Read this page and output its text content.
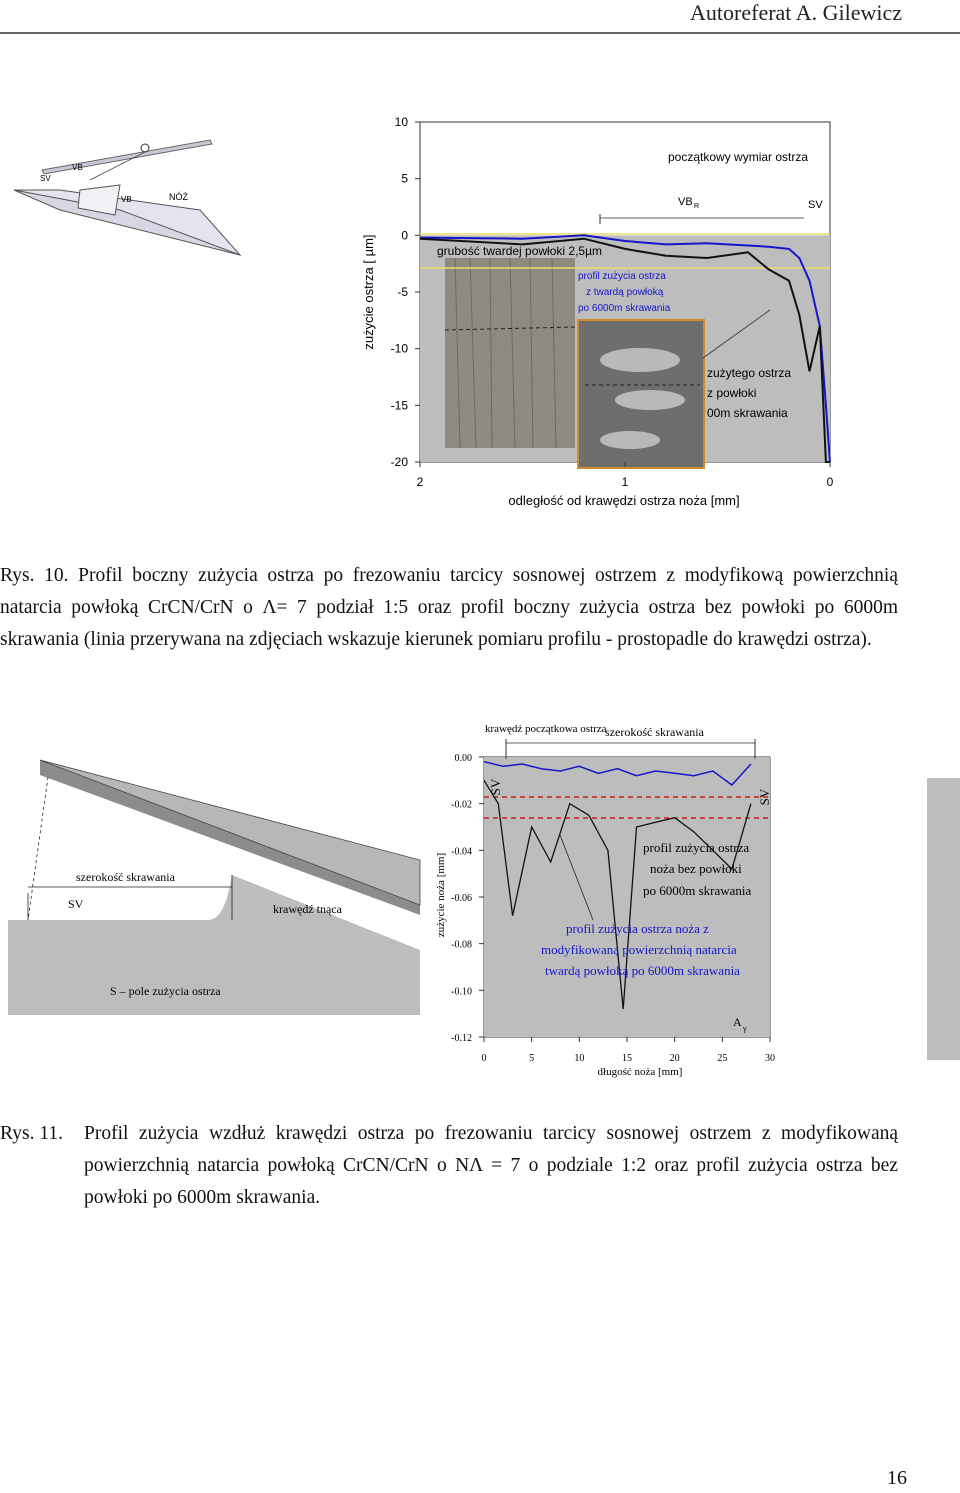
Autoreferat A. Gilewicz
SV
VB
VB	NÓŻ
10
5
0
-5
-10
-15
-20
2	1	0
zużycie ostrza [ µm]
odległość od krawędzi ostrza noża [mm]
początkowy wymiar ostrza
VB R	SV
grubość twardej powłoki 2,5µm
profil zużycia ostrza
z twardą powłoką
po 6000m skrawania
zużytego ostrza
z powłoki
00m skrawania
Rys. 10. Profil boczny zużycia ostrza po frezowaniu tarcicy sosnowej ostrzem z modyfikową powierzchnią natarcia powłoką CrCN/CrN o Λ= 7 podział 1:5 oraz profil boczny zużycia ostrza bez powłoki po 6000m skrawania (linia przerywana na zdjęciach wskazuje kierunek pomiaru profilu - prostopadle do krawędzi ostrza).
szerokość skrawania
SV	krawędź tnąca
S – pole zużycia ostrza
0.00
-0.02
-0.04
-0.06
-0.08
-0.10
-0.12
0	5	10	15	20	25	30
zużycie noża [mm]
długość noża [mm]
krawędź początkowa ostrza
szerokość skrawania
SV
SV
profil zużycia ostrza
noża bez powłoki
po 6000m skrawania
profil zużycia ostrza noża z
modyfikowaną powierzchnią natarcia
twardą powłoką po 6000m skrawania
A γ
Rys. 11.	Profil zużycia wzdłuż krawędzi ostrza po frezowaniu tarcicy sosnowej ostrzem z modyfikowaną powierzchnią natarcia powłoką CrCN/CrN o NΛ = 7 o podziale 1:2 oraz profil zużycia ostrza bez powłoki po 6000m skrawania.
16
